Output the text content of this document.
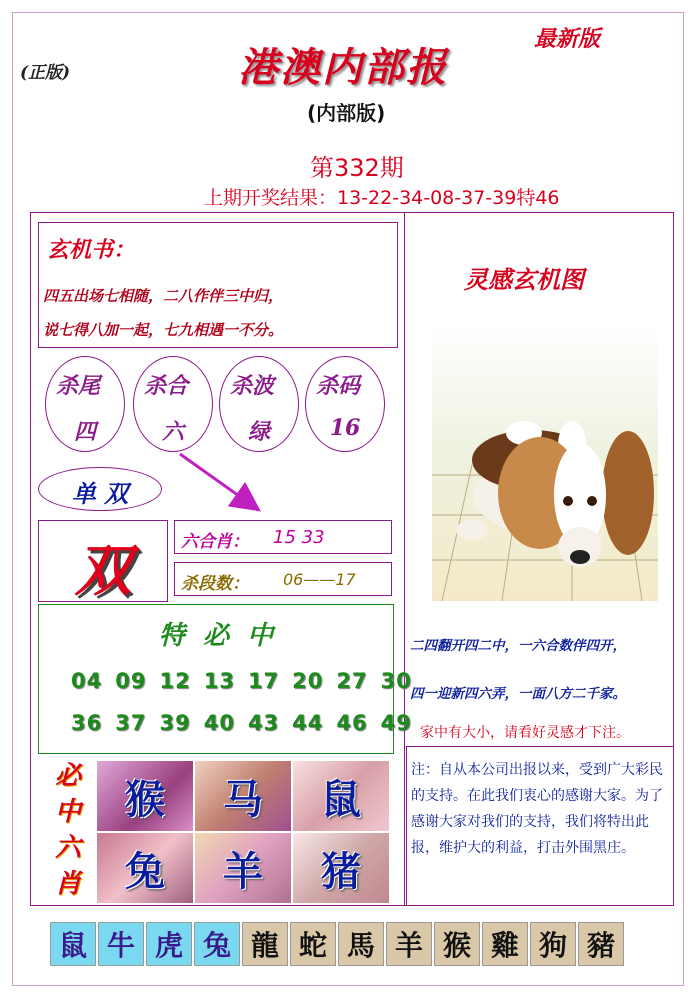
(正版)
最新版
港澳内部报
(内部版)
第332期
上期开奖结果：13-22-34-08-37-39特46
玄机书：
四五出场七相随，二八作伴三中归，
说七得八加一起，七九相遇一不分。
杀尾
四
杀合
六
杀波
绿
杀码
16
单 双
双	六合肖： 15 33
杀段数： 06——17
特  必  中
04 09 12 13 17 20 27 30
36 37 39 40 43 44 46 49
必
中
六
肖
猴	马	鼠
兔	羊	猪
灵感玄机图
二四翻开四二中，一六合数伴四开，
四一迎新四六弄，一面八方二千家。
家中有大小，请看好灵感才下注。
注：自从本公司出报以来，受到广大彩民的支持。在此我们衷心的感谢大家。为了感谢大家对我们的支持，我们将特出此报，维护大的利益，打击外围黑庄。
鼠 牛 虎 兔 龍 蛇 馬 羊 猴 雞 狗 豬
